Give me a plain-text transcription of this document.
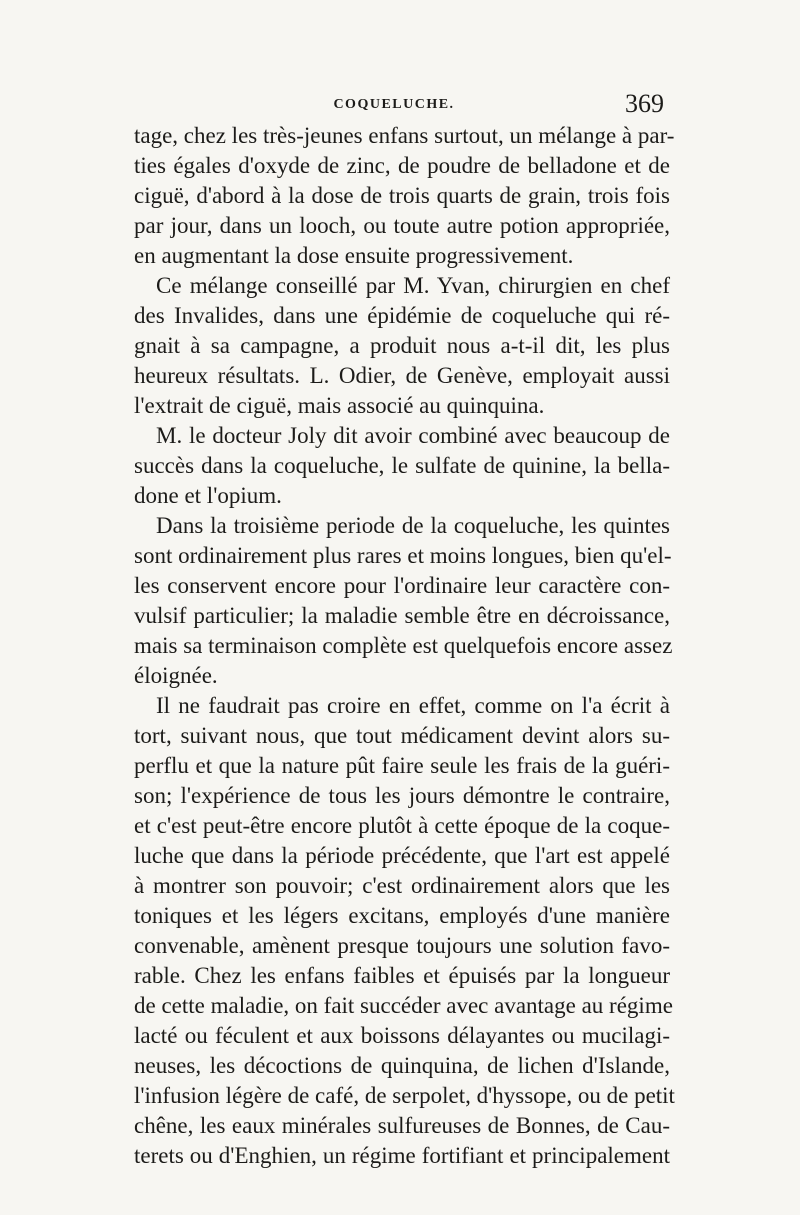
COQUELUCHE.	369
tage, chez les très-jeunes enfans surtout, un mélange à par-
ties égales d'oxyde de zinc, de poudre de belladone et de
ciguë, d'abord à la dose de trois quarts de grain, trois fois
par jour, dans un looch, ou toute autre potion appropriée,
en augmentant la dose ensuite progressivement.
Ce mélange conseillé par M. Yvan, chirurgien en chef
des Invalides, dans une épidémie de coqueluche qui ré-
gnait à sa campagne, a produit nous a-t-il dit, les plus
heureux résultats. L. Odier, de Genève, employait aussi
l'extrait de ciguë, mais associé au quinquina.
M. le docteur Joly dit avoir combiné avec beaucoup de
succès dans la coqueluche, le sulfate de quinine, la bella-
done et l'opium.
Dans la troisième periode de la coqueluche, les quintes
sont ordinairement plus rares et moins longues, bien qu'el-
les conservent encore pour l'ordinaire leur caractère con-
vulsif particulier; la maladie semble être en décroissance,
mais sa terminaison complète est quelquefois encore assez
éloignée.
Il ne faudrait pas croire en effet, comme on l'a écrit à
tort, suivant nous, que tout médicament devint alors su-
perflu et que la nature pût faire seule les frais de la guéri-
son; l'expérience de tous les jours démontre le contraire,
et c'est peut-être encore plutôt à cette époque de la coque-
luche que dans la période précédente, que l'art est appelé
à montrer son pouvoir; c'est ordinairement alors que les
toniques et les légers excitans, employés d'une manière
convenable, amènent presque toujours une solution favo-
rable. Chez les enfans faibles et épuisés par la longueur
de cette maladie, on fait succéder avec avantage au régime
lacté ou féculent et aux boissons délayantes ou mucilagi-
neuses, les décoctions de quinquina, de lichen d'Islande,
l'infusion légère de café, de serpolet, d'hyssope, ou de petit
chêne, les eaux minérales sulfureuses de Bonnes, de Cau-
terets ou d'Enghien, un régime fortifiant et principalement
